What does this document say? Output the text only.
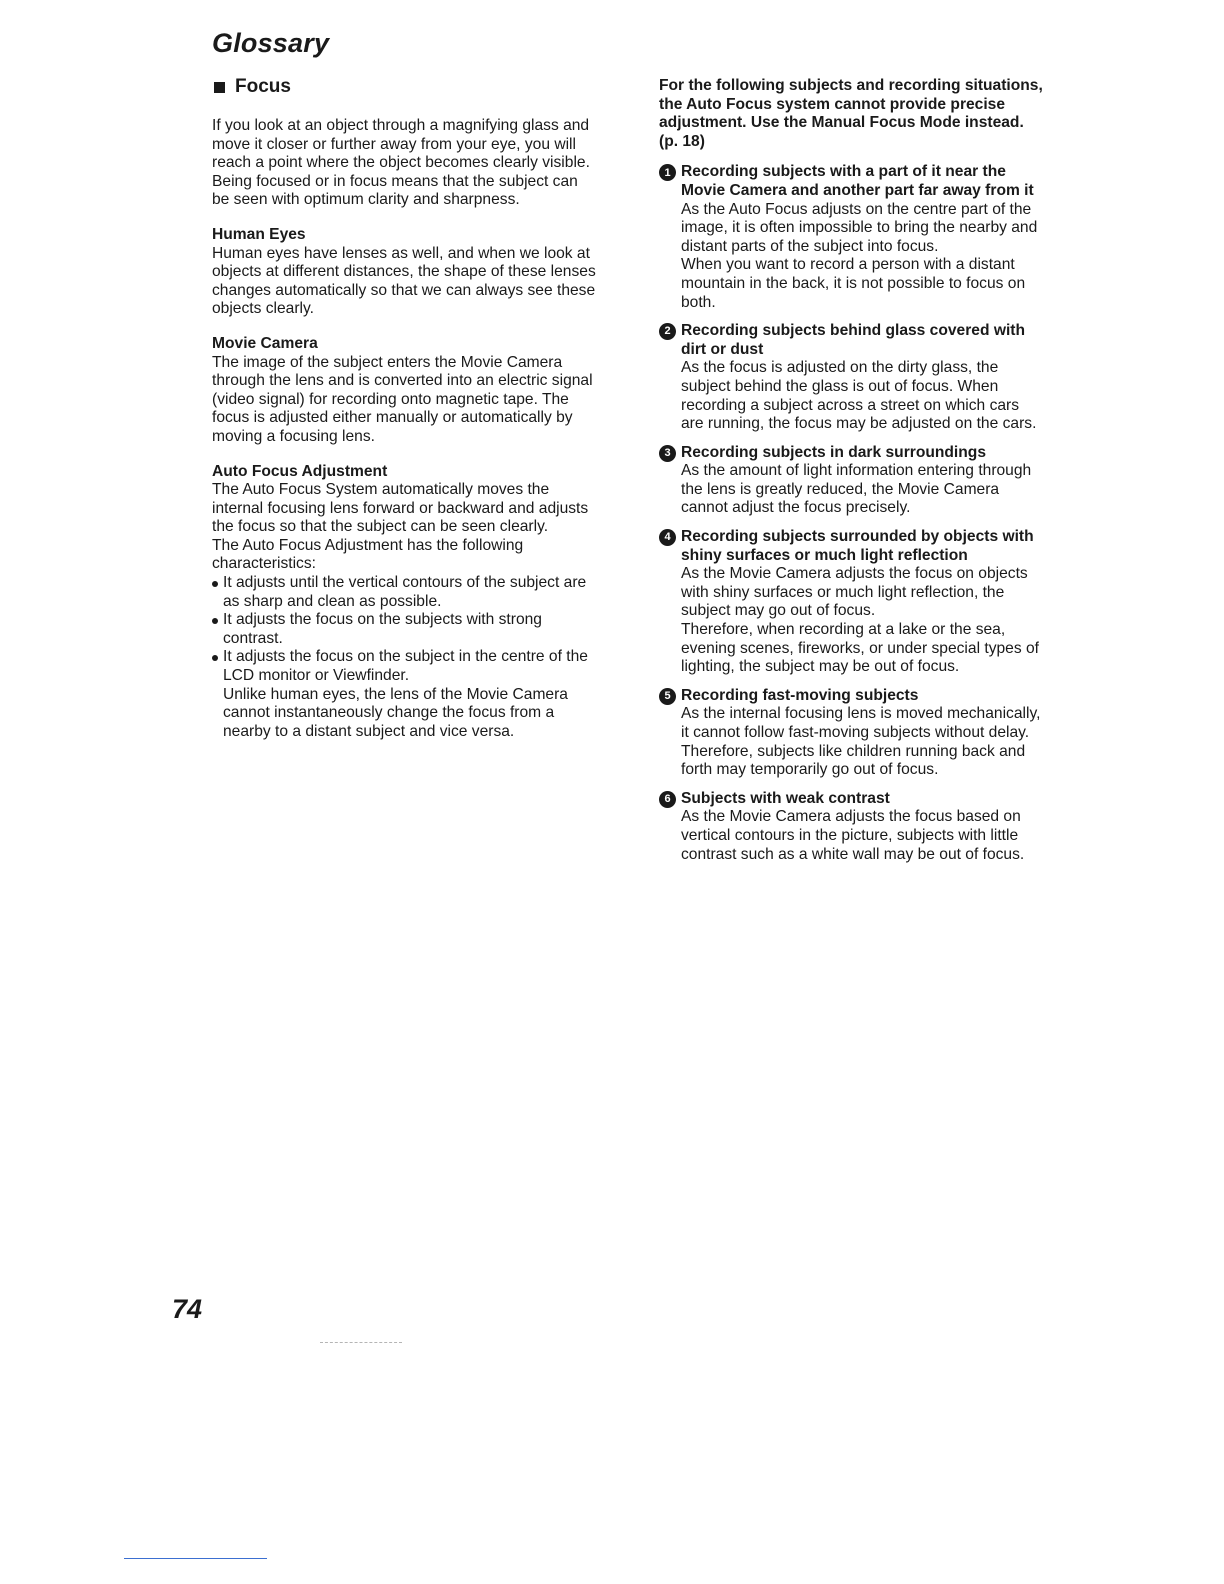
Glossary
Focus

If you look at an object through a magnifying glass and move it closer or further away from your eye, you will reach a point where the object becomes clearly visible. Being focused or in focus means that the subject can be seen with optimum clarity and sharpness.

Human Eyes

Human eyes have lenses as well, and when we look at objects at different distances, the shape of these lenses changes automatically so that we can always see these objects clearly.

Movie Camera

The image of the subject enters the Movie Camera through the lens and is converted into an electric signal (video signal) for recording onto magnetic tape. The focus is adjusted either manually or automatically by moving a focusing lens.

Auto Focus Adjustment

The Auto Focus System automatically moves the internal focusing lens forward or backward and adjusts the focus so that the subject can be seen clearly.

The Auto Focus Adjustment has the following characteristics:

It adjusts until the vertical contours of the subject are as sharp and clean as possible.
It adjusts the focus on the subjects with strong contrast.
It adjusts the focus on the subject in the centre of the LCD monitor or Viewfinder.

Unlike human eyes, the lens of the Movie Camera cannot instantaneously change the focus from a nearby to a distant subject and vice versa.

For the following subjects and recording situations, the Auto Focus system cannot provide precise adjustment. Use the Manual Focus Mode instead. (p. 18)

1 Recording subjects with a part of it near the Movie Camera and another part far away from it

As the Auto Focus adjusts on the centre part of the image, it is often impossible to bring the nearby and distant parts of the subject into focus.

When you want to record a person with a distant mountain in the back, it is not possible to focus on both.

2 Recording subjects behind glass covered with dirt or dust

As the focus is adjusted on the dirty glass, the subject behind the glass is out of focus. When recording a subject across a street on which cars are running, the focus may be adjusted on the cars.

3 Recording subjects in dark surroundings

As the amount of light information entering through the lens is greatly reduced, the Movie Camera cannot adjust the focus precisely.

4 Recording subjects surrounded by objects with shiny surfaces or much light reflection

As the Movie Camera adjusts the focus on objects with shiny surfaces or much light reflection, the subject may go out of focus.

Therefore, when recording at a lake or the sea, evening scenes, fireworks, or under special types of lighting, the subject may be out of focus.

5 Recording fast-moving subjects

As the internal focusing lens is moved mechanically, it cannot follow fast-moving subjects without delay.

Therefore, subjects like children running back and forth may temporarily go out of focus.

6 Subjects with weak contrast

As the Movie Camera adjusts the focus based on vertical contours in the picture, subjects with little contrast such as a white wall may be out of focus.

74
